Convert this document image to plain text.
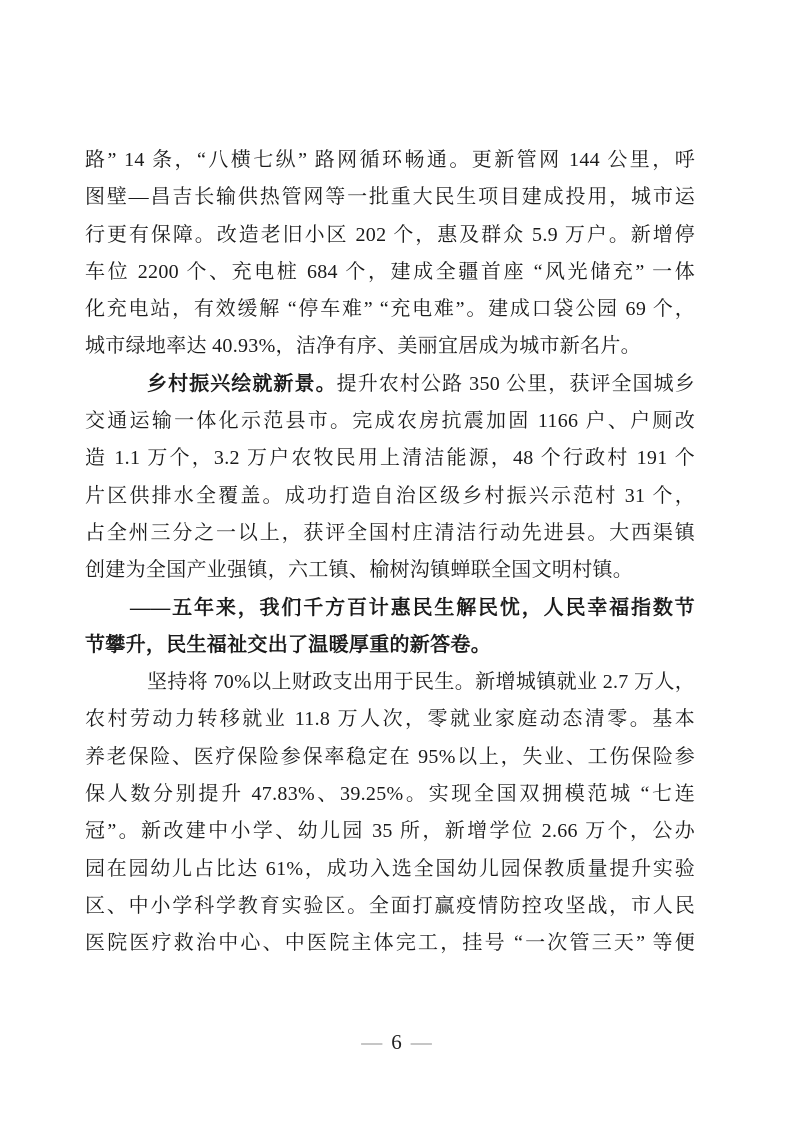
路” 14 条，“八横七纵” 路网循环畅通。更新管网 144 公里，呼
图壁—昌吉长输供热管网等一批重大民生项目建成投用，城市运
行更有保障。改造老旧小区 202 个，惠及群众 5.9 万户。新增停
车位 2200 个、充电桩 684 个，建成全疆首座 “风光储充” 一体
化充电站，有效缓解 “停车难” “充电难”。建成口袋公园 69 个，
城市绿地率达 40.93%，洁净有序、美丽宜居成为城市新名片。
乡村振兴绘就新景。提升农村公路 350 公里，获评全国城乡
交通运输一体化示范县市。完成农房抗震加固 1166 户、户厕改
造 1.1 万个，3.2 万户农牧民用上清洁能源，48 个行政村 191 个
片区供排水全覆盖。成功打造自治区级乡村振兴示范村 31 个，
占全州三分之一以上，获评全国村庄清洁行动先进县。大西渠镇
创建为全国产业强镇，六工镇、榆树沟镇蝉联全国文明村镇。
——五年来，我们千方百计惠民生解民忧，人民幸福指数节
节攀升，民生福祉交出了温暖厚重的新答卷。
坚持将 70%以上财政支出用于民生。新增城镇就业 2.7 万人，
农村劳动力转移就业 11.8 万人次，零就业家庭动态清零。基本
养老保险、医疗保险参保率稳定在 95%以上，失业、工伤保险参
保人数分别提升 47.83%、39.25%。实现全国双拥模范城 “七连
冠”。新改建中小学、幼儿园 35 所，新增学位 2.66 万个，公办
园在园幼儿占比达 61%，成功入选全国幼儿园保教质量提升实验
区、中小学科学教育实验区。全面打赢疫情防控攻坚战，市人民
医院医疗救治中心、中医院主体完工，挂号 “一次管三天” 等便
— 6 —
